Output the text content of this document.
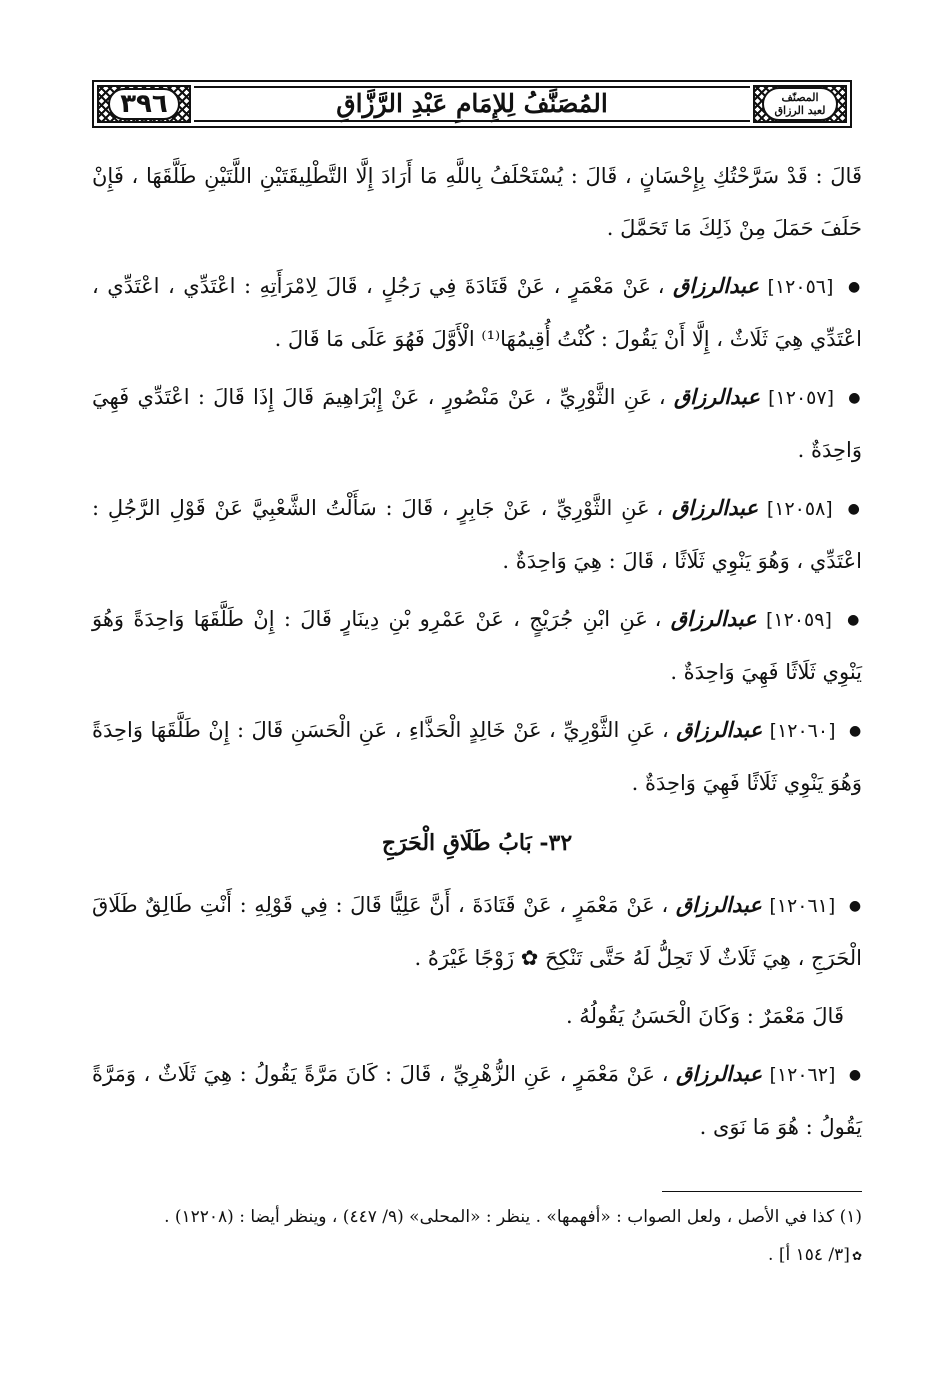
٣٩٦	المُصَنَّفُ لِلإِمَامِ عَبْدِ الرَّزَّاقِ	المصنّف
لعبد الرزاق

قَالَ : قَدْ سَرَّحْتُكِ بِإِحْسَانٍ ، قَالَ : يُسْتَحْلَفُ بِاللَّهِ مَا أَرَادَ إِلَّا التَّطْلِيقَتَيْنِ اللَّتَيْنِ طَلَّقَهَا ، فَإِنْ حَلَفَ حَمَلَ مِنْ ذَلِكَ مَا تَحَمَّلَ .

● [١٢٠٥٦] عبدالرزاق ، عَنْ مَعْمَرٍ ، عَنْ قَتَادَةَ فِي رَجُلٍ ، قَالَ لِامْرَأَتِهِ : اعْتَدِّي ، اعْتَدِّي ، اعْتَدِّي هِيَ ثَلَاثٌ ، إِلَّا أَنْ يَقُولَ : كُنْتُ أُقِيمُهَا⁽¹⁾ الْأَوَّلَ فَهُوَ عَلَى مَا قَالَ .

● [١٢٠٥٧] عبدالرزاق ، عَنِ الثَّوْرِيِّ ، عَنْ مَنْصُورٍ ، عَنْ إِبْرَاهِيمَ قَالَ إِذَا قَالَ : اعْتَدِّي فَهِيَ وَاحِدَةٌ .

● [١٢٠٥٨] عبدالرزاق ، عَنِ الثَّوْرِيِّ ، عَنْ جَابِرٍ ، قَالَ : سَأَلْتُ الشَّعْبِيَّ عَنْ قَوْلِ الرَّجُلِ : اعْتَدِّي ، وَهُوَ يَنْوِي ثَلَاثًا ، قَالَ : هِيَ وَاحِدَةٌ .

● [١٢٠٥٩] عبدالرزاق ، عَنِ ابْنِ جُرَيْجٍ ، عَنْ عَمْرِو بْنِ دِينَارٍ قَالَ : إِنْ طَلَّقَهَا وَاحِدَةً وَهُوَ يَنْوِي ثَلَاثًا فَهِيَ وَاحِدَةٌ .

● [١٢٠٦٠] عبدالرزاق ، عَنِ الثَّوْرِيِّ ، عَنْ خَالِدٍ الْحَذَّاءِ ، عَنِ الْحَسَنِ قَالَ : إِنْ طَلَّقَهَا وَاحِدَةً وَهُوَ يَنْوِي ثَلَاثًا فَهِيَ وَاحِدَةٌ .

٣٢- بَابُ طَلَاقِ الْحَرَجِ

● [١٢٠٦١] عبدالرزاق ، عَنْ مَعْمَرٍ ، عَنْ قَتَادَةَ ، أَنَّ عَلِيًّا قَالَ : فِي قَوْلِهِ : أَنْتِ طَالِقٌ طَلَاقَ الْحَرَجِ ، هِيَ ثَلَاثٌ لَا تَحِلُّ لَهُ حَتَّى تَنْكِحَ ✿ زَوْجًا غَيْرَهُ .

قَالَ مَعْمَرٌ : وَكَانَ الْحَسَنُ يَقُولُهُ .

● [١٢٠٦٢] عبدالرزاق ، عَنْ مَعْمَرٍ ، عَنِ الزُّهْرِيِّ ، قَالَ : كَانَ مَرَّةً يَقُولُ : هِيَ ثَلَاثٌ ، وَمَرَّةً يَقُولُ : هُوَ مَا نَوَى .

(١) كذا في الأصل ، ولعل الصواب : «أفهمها» . ينظر : «المحلى» (٩/ ٤٤٧) ، وينظر أيضا : (١٢٢٠٨) .

✿ [٣/ ١٥٤ أ] .
